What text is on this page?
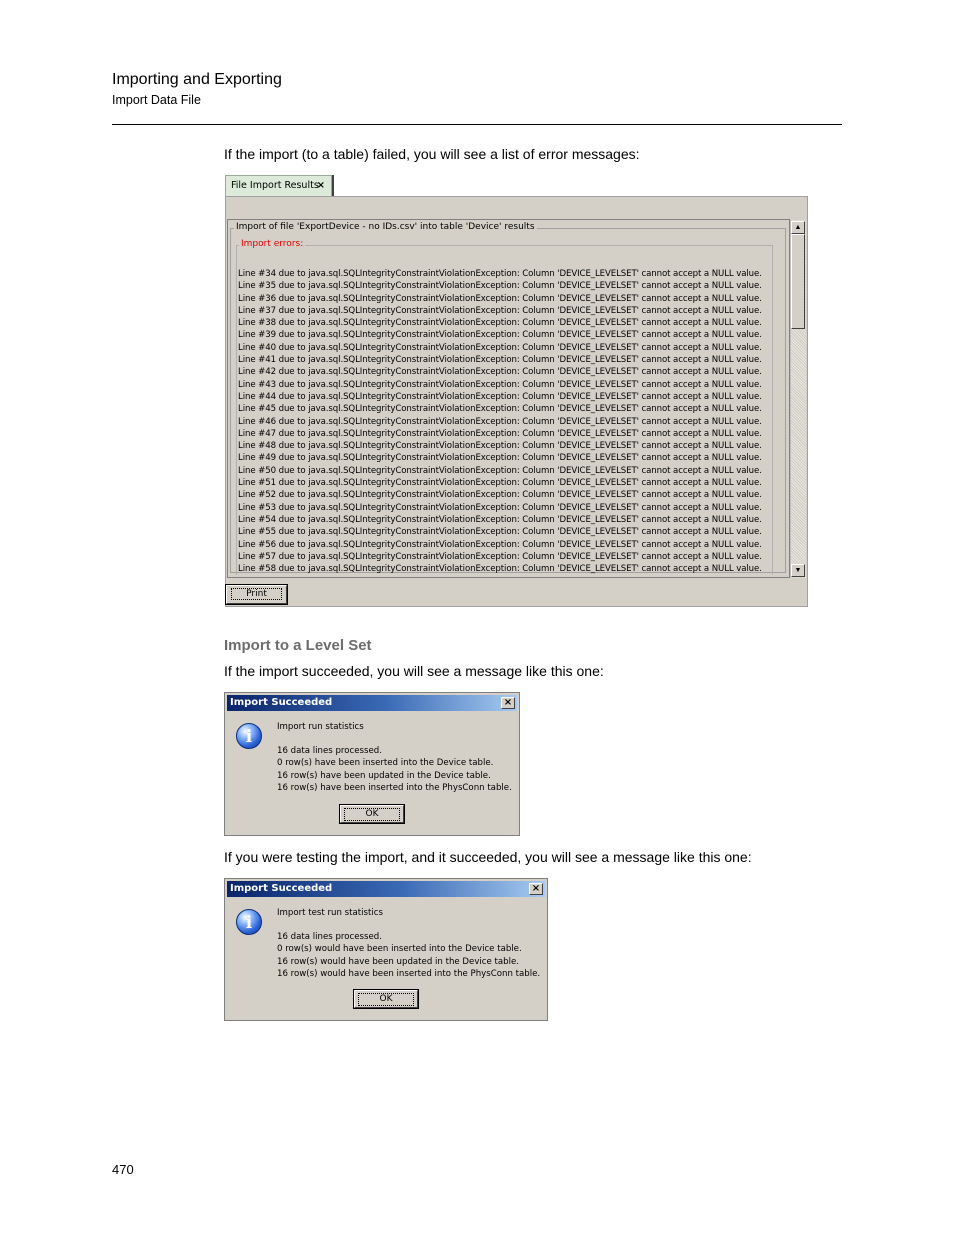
Importing and Exporting
Import Data File
If the import (to a table) failed, you will see a list of error messages:
File Import Results
×
Import of file 'ExportDevice - no IDs.csv' into table 'Device' results
Import errors:
Line #34 due to java.sql.SQLIntegrityConstraintViolationException: Column 'DEVICE_LEVELSET' cannot accept a NULL value.
Line #35 due to java.sql.SQLIntegrityConstraintViolationException: Column 'DEVICE_LEVELSET' cannot accept a NULL value.
Line #36 due to java.sql.SQLIntegrityConstraintViolationException: Column 'DEVICE_LEVELSET' cannot accept a NULL value.
Line #37 due to java.sql.SQLIntegrityConstraintViolationException: Column 'DEVICE_LEVELSET' cannot accept a NULL value.
Line #38 due to java.sql.SQLIntegrityConstraintViolationException: Column 'DEVICE_LEVELSET' cannot accept a NULL value.
Line #39 due to java.sql.SQLIntegrityConstraintViolationException: Column 'DEVICE_LEVELSET' cannot accept a NULL value.
Line #40 due to java.sql.SQLIntegrityConstraintViolationException: Column 'DEVICE_LEVELSET' cannot accept a NULL value.
Line #41 due to java.sql.SQLIntegrityConstraintViolationException: Column 'DEVICE_LEVELSET' cannot accept a NULL value.
Line #42 due to java.sql.SQLIntegrityConstraintViolationException: Column 'DEVICE_LEVELSET' cannot accept a NULL value.
Line #43 due to java.sql.SQLIntegrityConstraintViolationException: Column 'DEVICE_LEVELSET' cannot accept a NULL value.
Line #44 due to java.sql.SQLIntegrityConstraintViolationException: Column 'DEVICE_LEVELSET' cannot accept a NULL value.
Line #45 due to java.sql.SQLIntegrityConstraintViolationException: Column 'DEVICE_LEVELSET' cannot accept a NULL value.
Line #46 due to java.sql.SQLIntegrityConstraintViolationException: Column 'DEVICE_LEVELSET' cannot accept a NULL value.
Line #47 due to java.sql.SQLIntegrityConstraintViolationException: Column 'DEVICE_LEVELSET' cannot accept a NULL value.
Line #48 due to java.sql.SQLIntegrityConstraintViolationException: Column 'DEVICE_LEVELSET' cannot accept a NULL value.
Line #49 due to java.sql.SQLIntegrityConstraintViolationException: Column 'DEVICE_LEVELSET' cannot accept a NULL value.
Line #50 due to java.sql.SQLIntegrityConstraintViolationException: Column 'DEVICE_LEVELSET' cannot accept a NULL value.
Line #51 due to java.sql.SQLIntegrityConstraintViolationException: Column 'DEVICE_LEVELSET' cannot accept a NULL value.
Line #52 due to java.sql.SQLIntegrityConstraintViolationException: Column 'DEVICE_LEVELSET' cannot accept a NULL value.
Line #53 due to java.sql.SQLIntegrityConstraintViolationException: Column 'DEVICE_LEVELSET' cannot accept a NULL value.
Line #54 due to java.sql.SQLIntegrityConstraintViolationException: Column 'DEVICE_LEVELSET' cannot accept a NULL value.
Line #55 due to java.sql.SQLIntegrityConstraintViolationException: Column 'DEVICE_LEVELSET' cannot accept a NULL value.
Line #56 due to java.sql.SQLIntegrityConstraintViolationException: Column 'DEVICE_LEVELSET' cannot accept a NULL value.
Line #57 due to java.sql.SQLIntegrityConstraintViolationException: Column 'DEVICE_LEVELSET' cannot accept a NULL value.
Line #58 due to java.sql.SQLIntegrityConstraintViolationException: Column 'DEVICE_LEVELSET' cannot accept a NULL value.
▲
▼
Print
Import to a Level Set
If the import succeeded, you will see a message like this one:
Import Succeeded	×
i	Import run statistics
16 data lines processed.
0 row(s) have been inserted into the Device table.
16 row(s) have been updated in the Device table.
16 row(s) have been inserted into the PhysConn table.
OK
If you were testing the import, and it succeeded, you will see a message like this one:
Import Succeeded	×
i	Import test run statistics
16 data lines processed.
0 row(s) would have been inserted into the Device table.
16 row(s) would have been updated in the Device table.
16 row(s) would have been inserted into the PhysConn table.
OK
470
